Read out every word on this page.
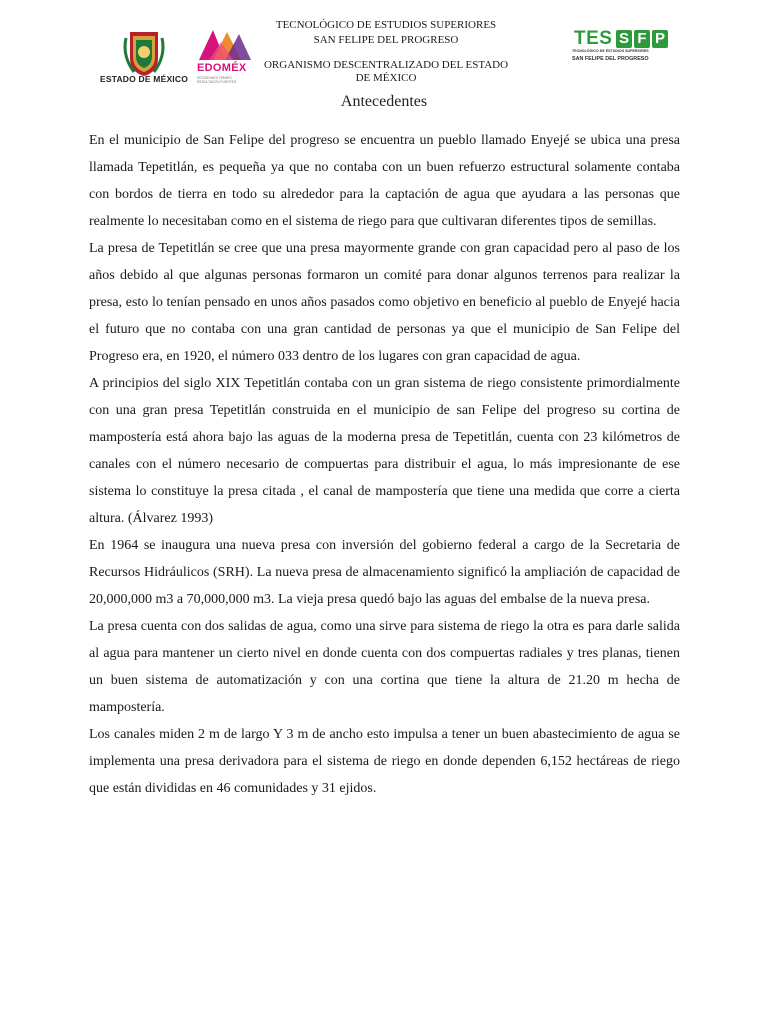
ESTADO DE MÉXICO
EDOMÉX
DECISIONES FIRMES, RESULTADOS FUERTES.
TECNOLÓGICO DE ESTUDIOS SUPERIORES
SAN FELIPE DEL PROGRESO
ORGANISMO DESCENTRALIZADO DEL ESTADO
DE MÉXICO
TES S F P
TECNOLÓGICO DE ESTUDIOS SUPERIORES
SAN FELIPE DEL PROGRESO
Antecedentes

En el municipio de San Felipe del progreso se encuentra un pueblo llamado Enyejé se ubica una presa llamada Tepetitlán, es pequeña ya que no contaba con un buen refuerzo estructural solamente contaba con bordos de tierra en todo su alrededor para la captación de agua que ayudara a las personas que realmente lo necesitaban como en el sistema de riego para que cultivaran diferentes tipos de semillas.

La presa de Tepetitlán se cree que una presa mayormente grande con gran capacidad pero al paso de los años debido al que algunas personas formaron un comité para donar algunos terrenos para realizar la presa, esto lo tenían pensado en unos años pasados como objetivo en beneficio al pueblo de Enyejé hacia el futuro que no contaba con una gran cantidad de personas ya que el municipio de San Felipe del Progreso era, en 1920, el número 033 dentro de los lugares con gran capacidad de agua.

A principios del siglo XIX Tepetitlán contaba con un gran sistema de riego consistente primordialmente con una gran presa Tepetitlán construida en el municipio de san Felipe del progreso su cortina de mampostería está ahora bajo las aguas de la moderna presa de Tepetitlán, cuenta con 23 kilómetros de canales con el número necesario de compuertas para distribuir el agua, lo más impresionante de ese sistema lo constituye la presa citada , el canal de mampostería que tiene una medida que corre a cierta altura. (Álvarez 1993)

En 1964 se inaugura una nueva presa con inversión del gobierno federal a cargo de la Secretaria de Recursos Hidráulicos (SRH). La nueva presa de almacenamiento significó la ampliación de capacidad de 20,000,000 m3 a 70,000,000 m3. La vieja presa quedó bajo las aguas del embalse de la nueva presa.

La presa cuenta con dos salidas de agua, como una sirve para sistema de riego la otra es para darle salida al agua para mantener un cierto nivel en donde cuenta con dos compuertas radiales y tres planas, tienen un buen sistema de automatización y con una cortina que tiene la altura de 21.20 m hecha de mampostería.

Los canales miden 2 m de largo Y 3 m de ancho esto impulsa a tener un buen abastecimiento de agua se implementa una presa derivadora para el sistema de riego en donde dependen 6,152 hectáreas de riego que están divididas en 46 comunidades y 31 ejidos.
